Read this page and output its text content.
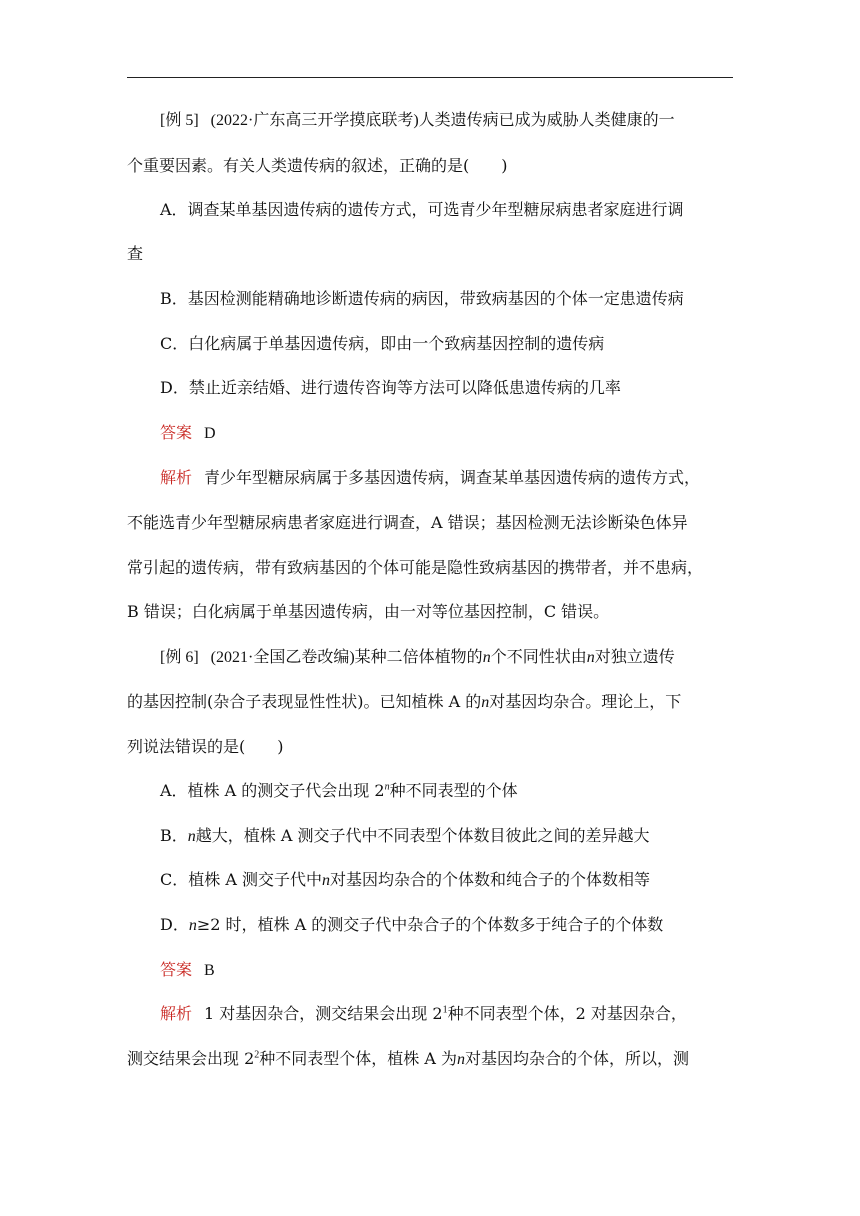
[例 5] (2022·广东高三开学摸底联考)人类遗传病已成为威胁人类健康的一
个重要因素。有关人类遗传病的叙述，正确的是(　　)
A．调查某单基因遗传病的遗传方式，可选青少年型糖尿病患者家庭进行调
查
B．基因检测能精确地诊断遗传病的病因，带致病基因的个体一定患遗传病
C．白化病属于单基因遗传病，即由一个致病基因控制的遗传病
D．禁止近亲结婚、进行遗传咨询等方法可以降低患遗传病的几率
答案 D
解析 青少年型糖尿病属于多基因遗传病，调查某单基因遗传病的遗传方式，
不能选青少年型糖尿病患者家庭进行调查，A 错误；基因检测无法诊断染色体异
常引起的遗传病，带有致病基因的个体可能是隐性致病基因的携带者，并不患病，
B 错误；白化病属于单基因遗传病，由一对等位基因控制，C 错误。
[例 6] (2021·全国乙卷改编)某种二倍体植物的n个不同性状由n对独立遗传
的基因控制(杂合子表现显性性状)。已知植株 A 的n对基因均杂合。理论上，下
列说法错误的是(　　)
A．植株 A 的测交子代会出现 2$^n$种不同表型的个体
B．n越大，植株 A 测交子代中不同表型个体数目彼此之间的差异越大
C．植株 A 测交子代中n对基因均杂合的个体数和纯合子的个体数相等
D．n≥2 时，植株 A 的测交子代中杂合子的个体数多于纯合子的个体数
答案 B
解析 1 对基因杂合，测交结果会出现 $2^1$种不同表型个体，2 对基因杂合，
测交结果会出现 $2^2$种不同表型个体，植株 A 为n对基因均杂合的个体，所以，测
